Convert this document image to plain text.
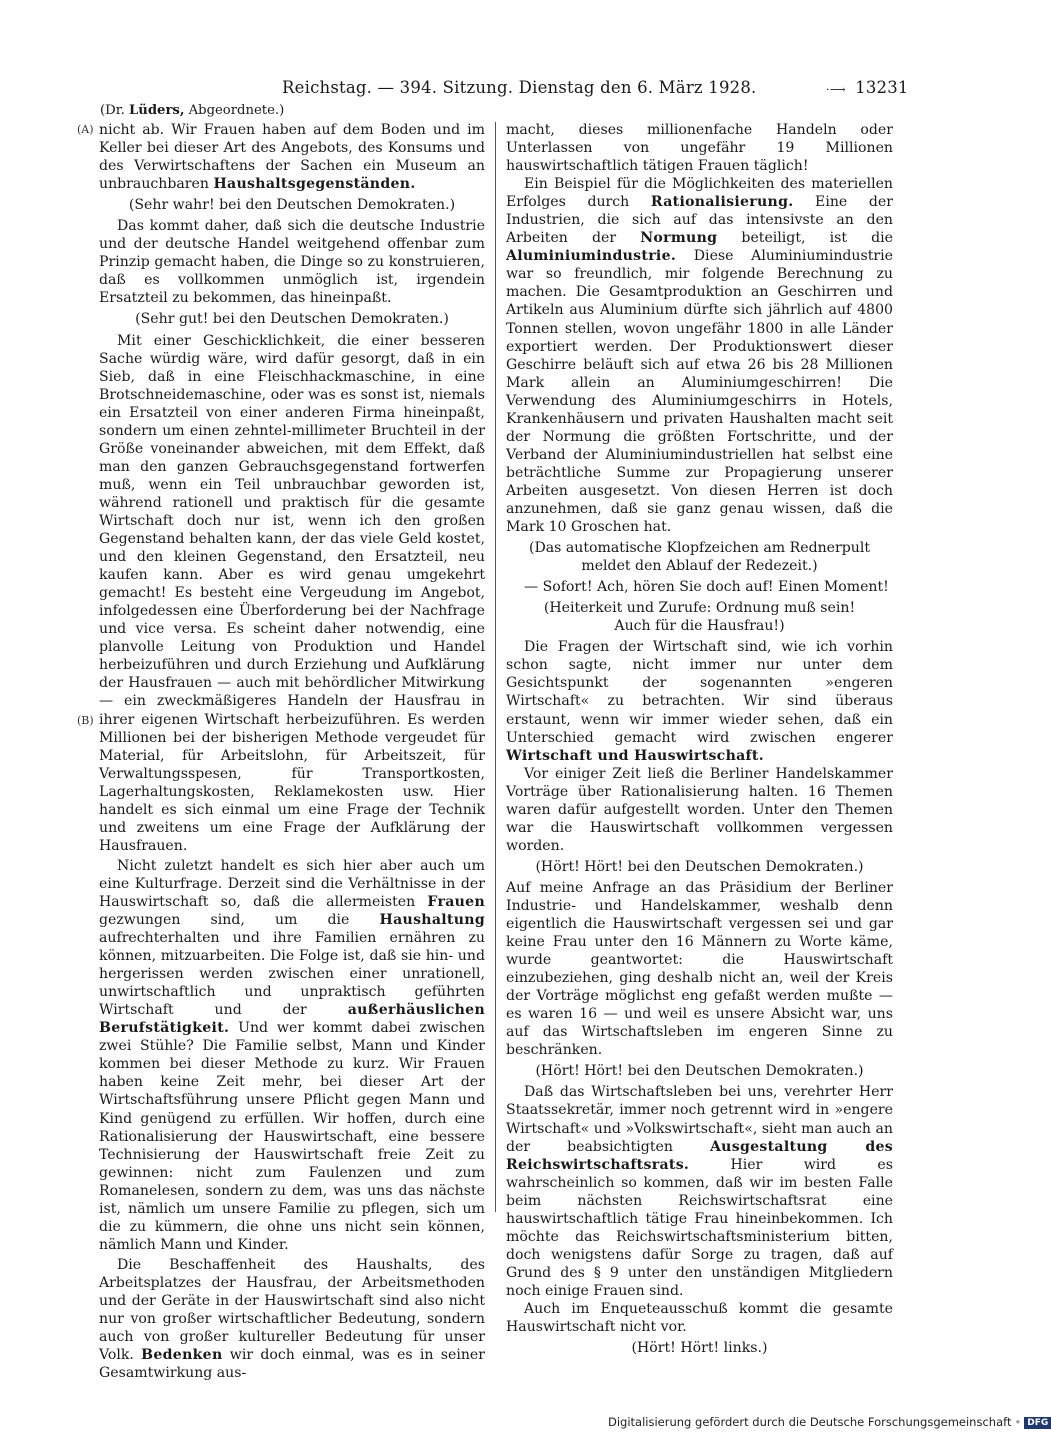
Reichstag. — 394. Sitzung. Dienstag den 6. März 1928.	·⟶ 13231
(Dr. Lüders, Abgeordnete.)
(A)
(B)

nicht ab. Wir Frauen haben auf dem Boden und im Keller bei dieser Art des Angebots, des Konsums und des Verwirtschaftens der Sachen ein Museum an unbrauchbaren Haushaltsgegenständen.

(Sehr wahr! bei den Deutschen Demokraten.)

Das kommt daher, daß sich die deutsche Industrie und der deutsche Handel weitgehend offenbar zum Prinzip gemacht haben, die Dinge so zu konstruieren, daß es vollkommen unmöglich ist, irgendein Ersatzteil zu bekommen, das hineinpaßt.

(Sehr gut! bei den Deutschen Demokraten.)

Mit einer Geschicklichkeit, die einer besseren Sache würdig wäre, wird dafür gesorgt, daß in ein Sieb, daß in eine Fleischhackmaschine, in eine Brotschneidemaschine, oder was es sonst ist, niemals ein Ersatzteil von einer anderen Firma hineinpaßt, sondern um einen zehntel-millimeter Bruchteil in der Größe voneinander abweichen, mit dem Effekt, daß man den ganzen Gebrauchsgegenstand fortwerfen muß, wenn ein Teil unbrauchbar geworden ist, während rationell und praktisch für die gesamte Wirtschaft doch nur ist, wenn ich den großen Gegenstand behalten kann, der das viele Geld kostet, und den kleinen Gegenstand, den Ersatzteil, neu kaufen kann. Aber es wird genau umgekehrt gemacht! Es besteht eine Vergeudung im Angebot, infolgedessen eine Überforderung bei der Nachfrage und vice versa. Es scheint daher notwendig, eine planvolle Leitung von Produktion und Handel herbeizuführen und durch Erziehung und Aufklärung der Hausfrauen — auch mit behördlicher Mitwirkung — ein zweckmäßigeres Handeln der Hausfrau in ihrer eigenen Wirtschaft herbeizuführen. Es werden Millionen bei der bisherigen Methode vergeudet für Material, für Arbeitslohn, für Arbeitszeit, für Verwaltungsspesen, für Transportkosten, Lagerhaltungskosten, Reklamekosten usw. Hier handelt es sich einmal um eine Frage der Technik und zweitens um eine Frage der Aufklärung der Hausfrauen.

Nicht zuletzt handelt es sich hier aber auch um eine Kulturfrage. Derzeit sind die Verhältnisse in der Hauswirtschaft so, daß die allermeisten Frauen gezwungen sind, um die Haushaltung aufrechterhalten und ihre Familien ernähren zu können, mitzuarbeiten. Die Folge ist, daß sie hin- und hergerissen werden zwischen einer unrationell, unwirtschaftlich und unpraktisch geführten Wirtschaft und der außerhäuslichen Berufstätigkeit. Und wer kommt dabei zwischen zwei Stühle? Die Familie selbst, Mann und Kinder kommen bei dieser Methode zu kurz. Wir Frauen haben keine Zeit mehr, bei dieser Art der Wirtschaftsführung unsere Pflicht gegen Mann und Kind genügend zu erfüllen. Wir hoffen, durch eine Rationalisierung der Hauswirtschaft, eine bessere Technisierung der Hauswirtschaft freie Zeit zu gewinnen: nicht zum Faulenzen und zum Romanelesen, sondern zu dem, was uns das nächste ist, nämlich um unsere Familie zu pflegen, sich um die zu kümmern, die ohne uns nicht sein können, nämlich Mann und Kinder.

Die Beschaffenheit des Haushalts, des Arbeitsplatzes der Hausfrau, der Arbeitsmethoden und der Geräte in der Hauswirtschaft sind also nicht nur von großer wirtschaftlicher Bedeutung, sondern auch von großer kultureller Bedeutung für unser Volk. Bedenken wir doch einmal, was es in seiner Gesamtwirkung aus-

macht, dieses millionenfache Handeln oder Unterlassen von ungefähr 19 Millionen hauswirtschaftlich tätigen Frauen täglich!

Ein Beispiel für die Möglichkeiten des materiellen Erfolges durch Rationalisierung. Eine der Industrien, die sich auf das intensivste an den Arbeiten der Normung beteiligt, ist die Aluminiumindustrie. Diese Aluminiumindustrie war so freundlich, mir folgende Berechnung zu machen. Die Gesamtproduktion an Geschirren und Artikeln aus Aluminium dürfte sich jährlich auf 4800 Tonnen stellen, wovon ungefähr 1800 in alle Länder exportiert werden. Der Produktionswert dieser Geschirre beläuft sich auf etwa 26 bis 28 Millionen Mark allein an Aluminiumgeschirren! Die Verwendung des Aluminiumgeschirrs in Hotels, Krankenhäusern und privaten Haushalten macht seit der Normung die größten Fortschritte, und der Verband der Aluminiumindustriellen hat selbst eine beträchtliche Summe zur Propagierung unserer Arbeiten ausgesetzt. Von diesen Herren ist doch anzunehmen, daß sie ganz genau wissen, daß die Mark 10 Groschen hat.

(Das automatische Klopfzeichen am Rednerpult
meldet den Ablauf der Redezeit.)

— Sofort! Ach, hören Sie doch auf! Einen Moment!

(Heiterkeit und Zurufe: Ordnung muß sein!
Auch für die Hausfrau!)

Die Fragen der Wirtschaft sind, wie ich vorhin schon sagte, nicht immer nur unter dem Gesichtspunkt der sogenannten »engeren Wirtschaft« zu betrachten. Wir sind überaus erstaunt, wenn wir immer wieder sehen, daß ein Unterschied gemacht wird zwischen engerer Wirtschaft und Hauswirtschaft.

Vor einiger Zeit ließ die Berliner Handelskammer Vorträge über Rationalisierung halten. 16 Themen waren dafür aufgestellt worden. Unter den Themen war die Hauswirtschaft vollkommen vergessen worden.

(Hört! Hört! bei den Deutschen Demokraten.)

Auf meine Anfrage an das Präsidium der Berliner Industrie- und Handelskammer, weshalb denn eigentlich die Hauswirtschaft vergessen sei und gar keine Frau unter den 16 Männern zu Worte käme, wurde geantwortet: die Hauswirtschaft einzubeziehen, ging deshalb nicht an, weil der Kreis der Vorträge möglichst eng gefaßt werden mußte — es waren 16 — und weil es unsere Absicht war, uns auf das Wirtschaftsleben im engeren Sinne zu beschränken.

(Hört! Hört! bei den Deutschen Demokraten.)

Daß das Wirtschaftsleben bei uns, verehrter Herr Staatssekretär, immer noch getrennt wird in »engere Wirtschaft« und »Volkswirtschaft«, sieht man auch an der beabsichtigten Ausgestaltung des Reichswirtschaftsrats. Hier wird es wahrscheinlich so kommen, daß wir im besten Falle beim nächsten Reichswirtschaftsrat eine hauswirtschaftlich tätige Frau hineinbekommen. Ich möchte das Reichswirtschaftsministerium bitten, doch wenigstens dafür Sorge zu tragen, daß auf Grund des § 9 unter den unständigen Mitgliedern noch einige Frauen sind.

Auch im Enqueteausschuß kommt die gesamte Hauswirtschaft nicht vor.

(Hört! Hört! links.)

Digitalisierung gefördert durch die Deutsche Forschungsgemeinschaft • DFG
